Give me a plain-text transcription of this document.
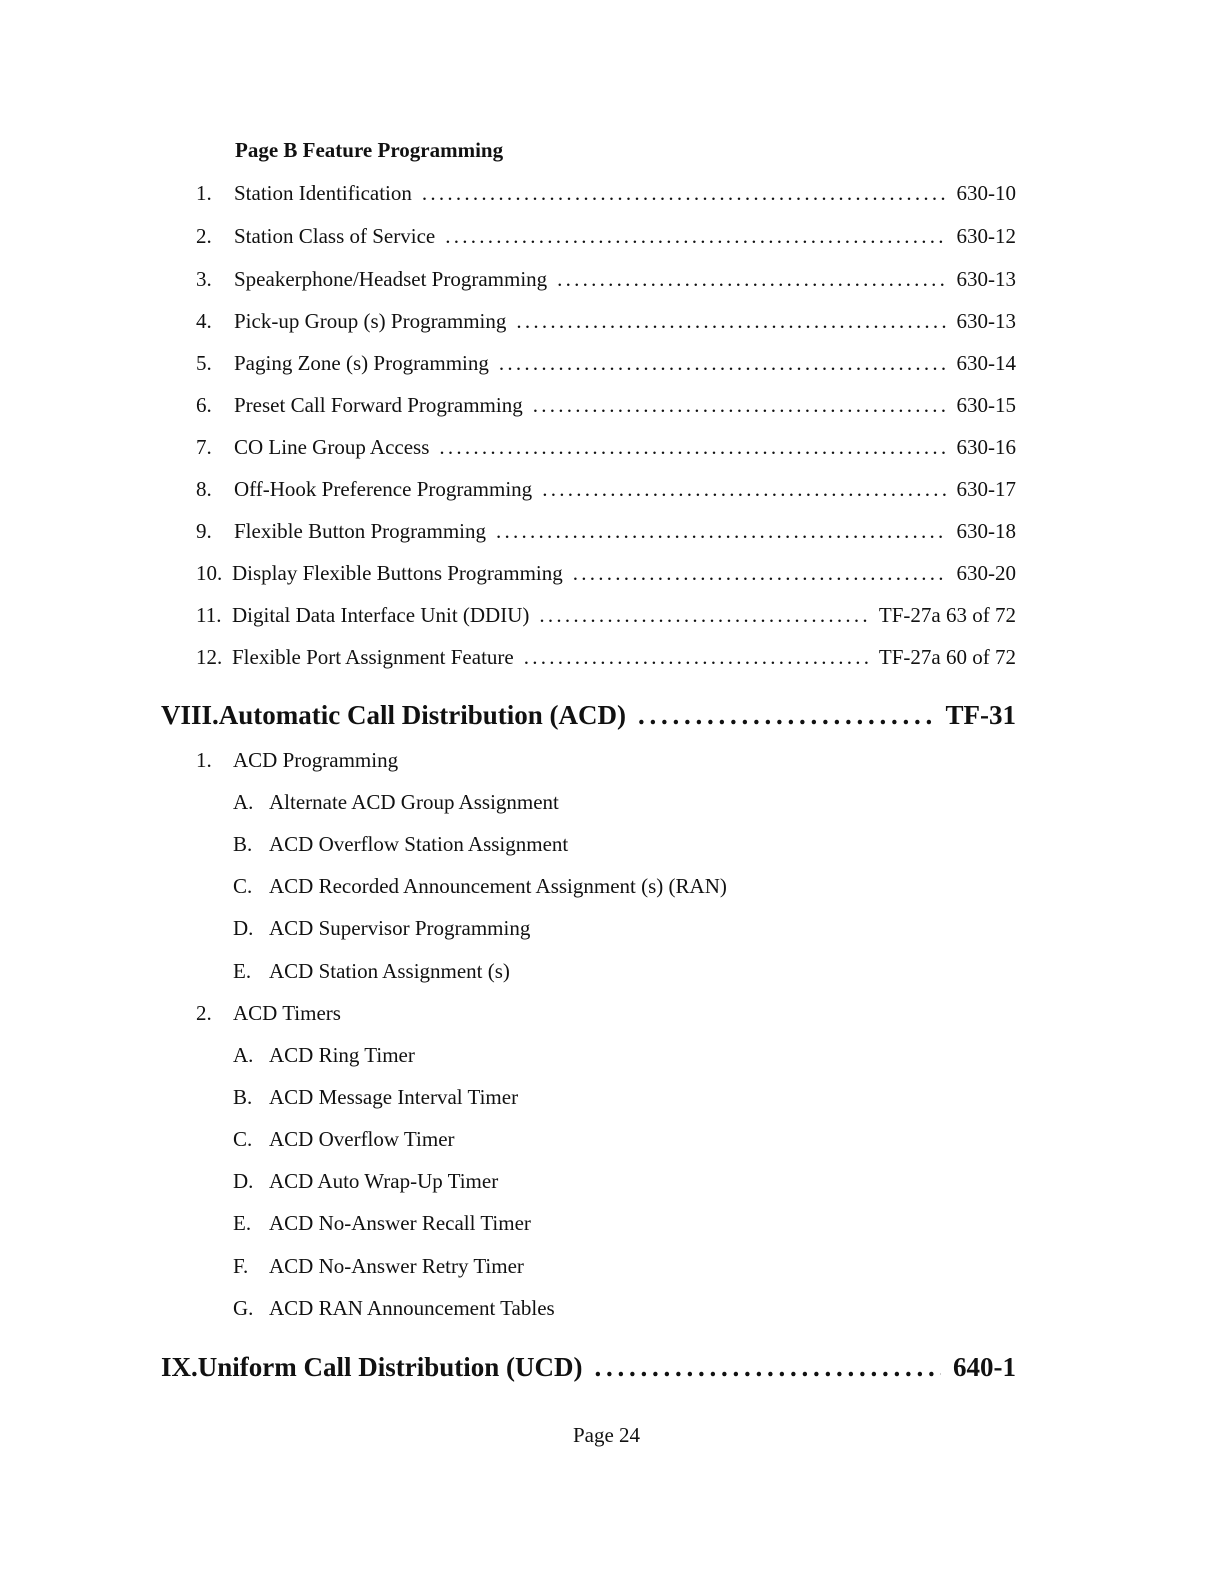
Page B Feature Programming
1. Station Identification . . .	630-10
2. Station Class of Service . . .	630-12
3. Speakerphone/Headset Programming . . .	630-13
4. Pick-up Group (s) Programming . . .	630-13
5. Paging Zone (s) Programming . . .	630-14
6. Preset Call Forward Programming . . .	630-15
7. CO Line Group Access . . .	630-16
8. Off-Hook Preference Programming . . .	630-17
9. Flexible Button Programming . . .	630-18
10. Display Flexible Buttons Programming . . .	630-20
11. Digital Data Interface Unit (DDIU) . . .	TF-27a 63 of 72
12. Flexible Port Assignment Feature . . .	TF-27a 60 of 72
VIII.Automatic Call Distribution (ACD) . . .	TF-31
1. ACD Programming
A. Alternate ACD Group Assignment
B. ACD Overflow Station Assignment
C. ACD Recorded Announcement Assignment (s) (RAN)
D. ACD Supervisor Programming
E. ACD Station Assignment (s)
2. ACD Timers
A. ACD Ring Timer
B. ACD Message Interval Timer
C. ACD Overflow Timer
D. ACD Auto Wrap-Up Timer
E. ACD No-Answer Recall Timer
F. ACD No-Answer Retry Timer
G. ACD RAN Announcement Tables
IX.Uniform Call Distribution (UCD) . . .	640-1
Page 24
